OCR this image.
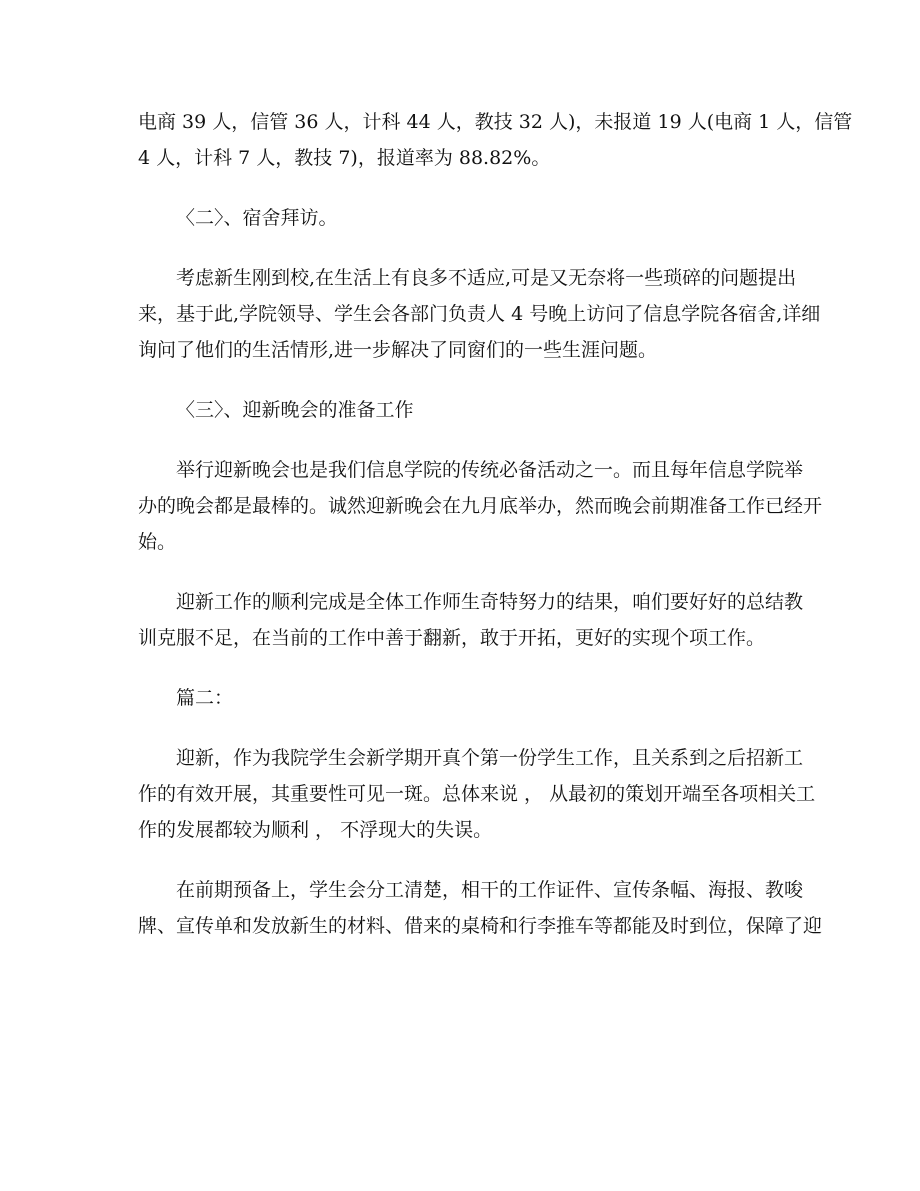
电商 39 人，信管 36 人，计科 44 人，教技 32 人)，未报道 19 人(电商 1 人，信管
4 人，计科 7 人，教技 7)，报道率为 88.82%。
〈二〉、宿舍拜访。
考虑新生刚到校,在生活上有良多不适应,可是又无奈将一些琐碎的问题提出
来，基于此,学院领导、学生会各部门负责人 4 号晚上访问了信息学院各宿舍,详细
询问了他们的生活情形,进一步解决了同窗们的一些生涯问题。
〈三〉、迎新晚会的准备工作
举行迎新晚会也是我们信息学院的传统必备活动之一。而且每年信息学院举
办的晚会都是最棒的。诚然迎新晚会在九月底举办，然而晚会前期准备工作已经开
始。
迎新工作的顺利完成是全体工作师生奇特努力的结果，咱们要好好的总结教
训克服不足，在当前的工作中善于翻新，敢于开拓，更好的实现个项工作。
篇二：
迎新，作为我院学生会新学期开真个第一份学生工作，且关系到之后招新工
作的有效开展，其重要性可见一斑。总体来说 ， 从最初的策划开端至各项相关工
作的发展都较为顺利 ， 不浮现大的失误。
在前期预备上，学生会分工清楚，相干的工作证件、宣传条幅、海报、教唆
牌、宣传单和发放新生的材料、借来的桌椅和行李推车等都能及时到位，保障了迎
